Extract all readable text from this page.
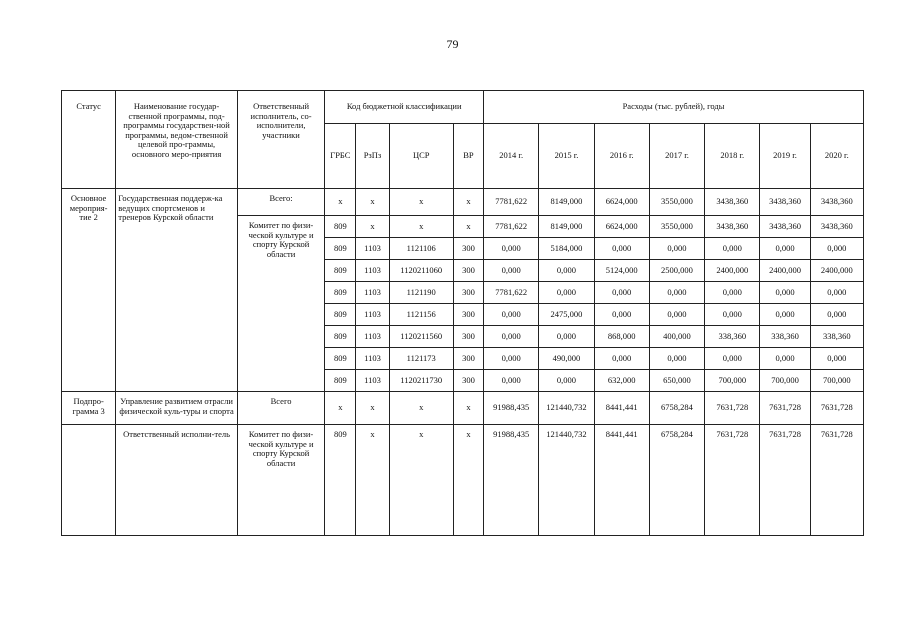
79
Статус	Наименование государ-ственной программы, под-программы государствен-ной программы, ведом-ственной целевой про-граммы, основного меро-приятия	Ответственный исполнитель, со-исполнители, участники	Код бюджетной классификации				Расходы (тыс. рублей), годы						
			ГРБС	РзПз	ЦСР	ВР	2014 г.	2015 г.	2016 г.	2017 г.	2018 г.	2019 г.	2020 г.
Основное мероприя-тие 2	Государственная поддерж-ка ведущих спортсменов и тренеров Курской области	Всего:	x	x	x	x	7781,622	8149,000	6624,000	3550,000	3438,360	3438,360	3438,360
		Комитет по физи-ческой культуре и спорту Курской области	809	x	x	x	7781,622	8149,000	6624,000	3550,000	3438,360	3438,360	3438,360
			809	1103	1121106	300	0,000	5184,000	0,000	0,000	0,000	0,000	0,000
			809	1103	1120211060	300	0,000	0,000	5124,000	2500,000	2400,000	2400,000	2400,000
			809	1103	1121190	300	7781,622	0,000	0,000	0,000	0,000	0,000	0,000
			809	1103	1121156	300	0,000	2475,000	0,000	0,000	0,000	0,000	0,000
			809	1103	1120211560	300	0,000	0,000	868,000	400,000	338,360	338,360	338,360
			809	1103	1121173	300	0,000	490,000	0,000	0,000	0,000	0,000	0,000
			809	1103	1120211730	300	0,000	0,000	632,000	650,000	700,000	700,000	700,000
Подпро-грамма 3	Управление развитием отрасли физической куль-туры и спорта	Всего	x	x	x	x	91988,435	121440,732	8441,441	6758,284	7631,728	7631,728	7631,728
	Ответственный исполни-тель	Комитет по физи-ческой культуре и спорту Курской области	809	x	x	x	91988,435	121440,732	8441,441	6758,284	7631,728	7631,728	7631,728
